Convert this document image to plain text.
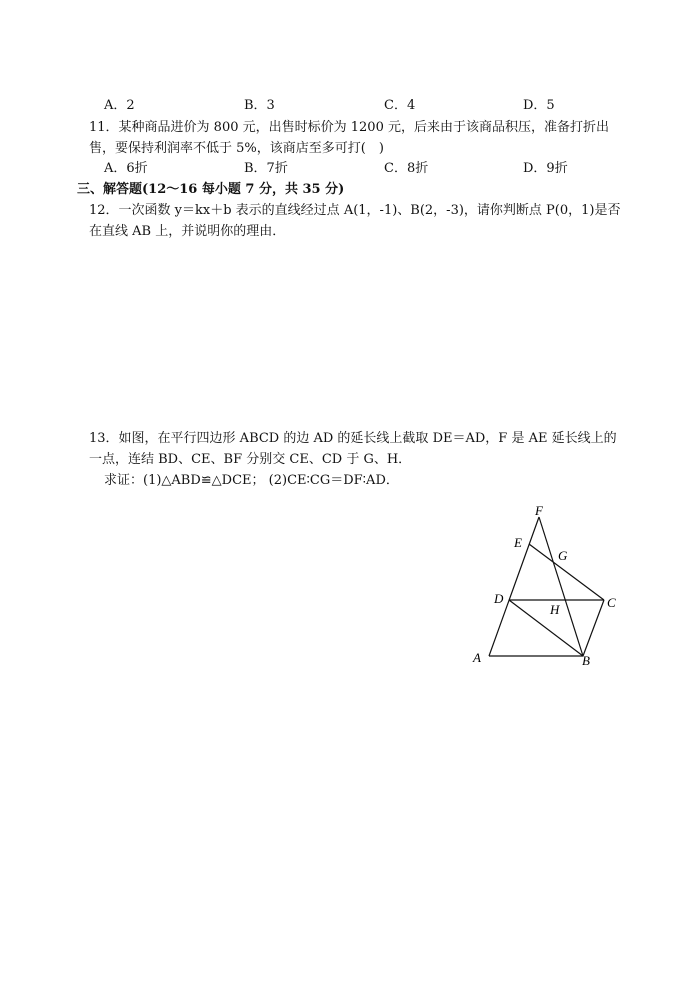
A．2	B．3	C．4	D．5
11．某种商品进价为 800 元，出售时标价为 1200 元，后来由于该商品积压，准备打折出
售，要保持利润率不低于 5%，该商店至多可打(　)
A．6折	B．7折	C．8折	D．9折
三、解答题(12～16 每小题 7 分，共 35 分)
12．一次函数 y＝kx＋b 表示的直线经过点 A(1，-1)、B(2，-3)，请你判断点 P(0，1)是否
在直线 AB 上，并说明你的理由．
13．如图，在平行四边形 ABCD 的边 AD 的延长线上截取 DE＝AD，F 是 AE 延长线上的
一点，连结 BD、CE、BF 分别交 CE、CD 于 G、H．
求证：(1)△ABD≌△DCE； (2)CE∶CG＝DF∶AD．
F
E
G
D
H	C
A	B
